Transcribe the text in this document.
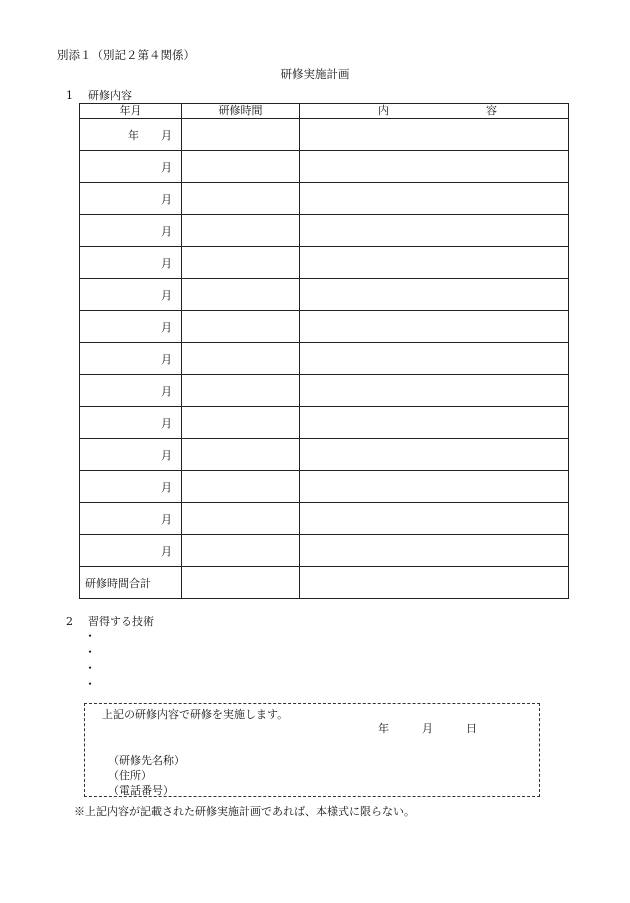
別添１（別記２第４関係）
研修実施計画
1 研修内容
年月	研修時間	内 容

年　　月		
月		
月		
月		
月		
月		
月		
月		
月		
月		
月		
月		
月		
月		
研修時間合計		
2 習得する技術
・
・
・
・
上記の研修内容で研修を実施します。
年	月	日
（研修先名称）
（住所）
（電話番号）
※上記内容が記載された研修実施計画であれば、本様式に限らない。
